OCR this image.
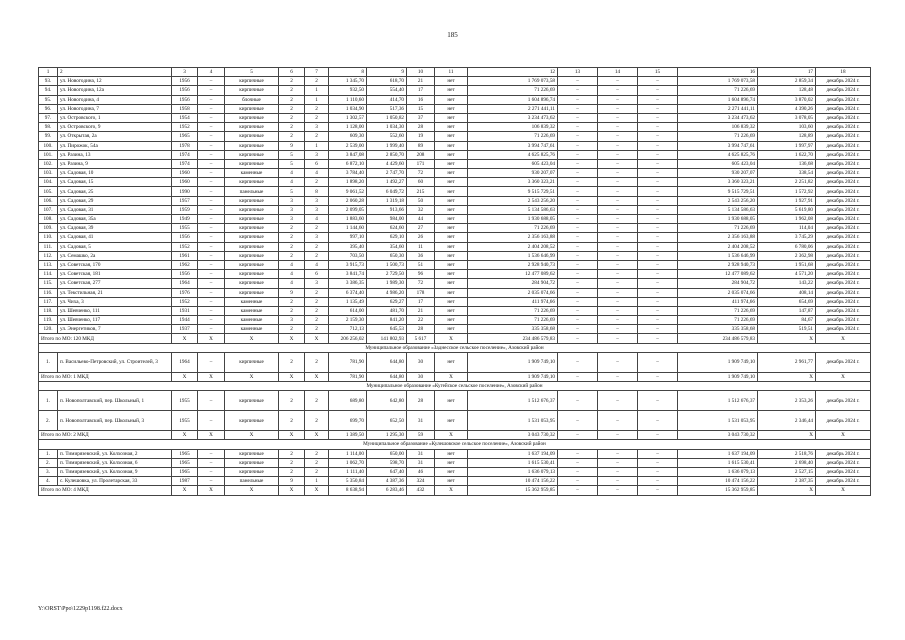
185
1	2	3	4	5	6	7	8	9	10	11	12	13	14	15	16	17	18
93.	ул. Новогодина, 12	1956	–	кирпичные	2	2	1 345,70	618,70	21	нет	1 769 073,58	–	–	–	1 769 073,58	2 859,34	декабрь 2024 г.
94.	ул. Новогодина, 12а	1956	–	кирпичные	2	1	932,50	554,40	17	нет	71 226,69	–	–	–	71 226,69	128,48	декабрь 2024 г.
95.	ул. Новогодина, 4	1956	–	блочные	2	1	1 110,60	414,70	16	нет	1 604 896,74	–	–	–	1 604 896,74	3 870,02	декабрь 2024 г.
96.	ул. Новогодина, 7	1958	–	кирпичные	2	2	1 034,90	517,36	15	нет	2 271 441,11	–	–	–	2 271 441,11	4 390,26	декабрь 2024 г.
97.	ул. Островского, 1	1954	–	кирпичные	2	2	1 302,57	1 050,82	37	нет	3 234 473,62	–	–	–	3 234 473,62	3 078,05	декабрь 2024 г.
98.	ул. Островского, 9	1952	–	кирпичные	2	3	1 128,00	1 034,30	28	нет	106 839,32	–	–	–	106 839,32	103,60	декабрь 2024 г.
99.	ул. Открытая, 2а	1965	–	кирпичные	2	2	609,30	552,60	19	нет	71 226,69	–	–	–	71 226,69	128,89	декабрь 2024 г.
100.	ул. Пирожок, 54а	1978	–	кирпичные	9	1	2 539,00	1 999,40	89	нет	3 994 747,61	–	–	–	3 994 747,61	1 997,97	декабрь 2024 г.
101.	ул. Разина, 13	1974	–	кирпичные	5	3	3 847,08	2 850,70	208	нет	4 625 825,76	–	–	–	4 625 825,76	1 622,70	декабрь 2024 г.
102.	ул. Разина, 9	1974	–	кирпичные	5	6	6 872,10	4 429,60	171	нет	605 423,04	–	–	–	605 423,04	136,68	декабрь 2024 г.
103.	ул. Садовая, 10	1960	–	каменные	4	4	3 784,40	2 747,70	72	нет	930 207,07	–	–	–	930 207,07	338,54	декабрь 2024 г.
104.	ул. Садовая, 15	1960	–	кирпичные	4	2	1 898,20	1 492,27	60	нет	3 360 323,21	–	–	–	3 360 323,21	2 251,82	декабрь 2024 г.
105.	ул. Садовая, 25	1990	–	панельные	5	8	9 061,52	6 049,72	215	нет	9 515 729,51	–	–	–	9 515 729,51	1 572,92	декабрь 2024 г.
106.	ул. Садовая, 29	1957	–	кирпичные	3	3	2 060,28	1 319,18	50	нет	2 543 256,20	–	–	–	2 543 256,20	1 927,91	декабрь 2024 г.
107.	ул. Садовая, 31	1959	–	кирпичные	3	3	2 099,05	913,66	32	нет	5 134 586,63	–	–	–	5 134 586,63	5 619,80	декабрь 2024 г.
108.	ул. Садовая, 35а	1949	–	кирпичные	3	4	1 883,60	984,00	44	нет	1 930 688,05	–	–	–	1 930 688,05	1 962,08	декабрь 2024 г.
109.	ул. Садовая, 39	1955	–	кирпичные	2	2	1 144,60	624,60	27	нет	71 226,69	–	–	–	71 226,69	114,04	декабрь 2024 г.
110.	ул. Садовая, 41	1956	–	кирпичные	2	3	997,10	629,10	26	нет	2 356 163,88	–	–	–	2 356 163,88	3 745,29	декабрь 2024 г.
111.	ул. Садовая, 5	1952	–	кирпичные	2	2	395,40	354,60	11	нет	2 404 208,52	–	–	–	2 404 208,52	6 780,06	декабрь 2024 г.
112.	ул. Семашко, 2а	1961	–	кирпичные	2	2	703,50	650,30	36	нет	1 536 646,99	–	–	–	1 536 646,99	2 362,98	декабрь 2024 г.
113.	ул. Советская, 170	1962	–	кирпичные	4	4	3 915,73	1 500,73	51	нет	2 928 940,73	–	–	–	2 928 940,73	1 951,68	декабрь 2024 г.
114.	ул. Советская, 181	1956	–	кирпичные	4	6	3 841,74	2 729,50	96	нет	12 477 089,62	–	–	–	12 477 089,62	4 571,20	декабрь 2024 г.
115.	ул. Советская, 277	1964	–	кирпичные	4	3	3 386,35	1 989,30	72	нет	284 904,72	–	–	–	284 904,72	143,22	декабрь 2024 г.
116.	ул. Текстильная, 21	1976	–	кирпичные	9	2	6 374,40	4 986,20	178	нет	2 035 074,66	–	–	–	2 035 074,66	408,14	декабрь 2024 г.
117.	ул. Чиха, 3	1952	–	каменные	2	2	1 135,49	629,27	17	нет	411 974,66	–	–	–	411 974,66	654,69	декабрь 2024 г.
118.	ул. Шевченко, 111	1931	–	каменные	2	2	614,00	481,70	21	нет	71 226,69	–	–	–	71 226,69	147,87	декабрь 2024 г.
119.	ул. Шевченко, 117	1944	–	каменные	3	2	2 159,30	841,20	22	нет	71 226,69	–	–	–	71 226,69	84,67	декабрь 2024 г.
120.	ул. Энергетиков, 7	1937	–	каменные	2	2	712,13	645,53	28	нет	335 358,68	–	–	–	335 358,68	519,51	декабрь 2024 г.
Итого по МО: 120 МКД		X	X	X	X	X	206 256,02	141 802,93	5 617	X	234 486 579,83	–	–	–	234 486 579,83	X	X
Муниципальное образование «Заднесское сельское поселение», Азовский район																	
1.	п. Васильево-Петровский, ул. Строителей, 3	1964	–	кирпичные	2	2	781,90	644,80	30	нет	1 909 749,10	–	–	–	1 909 749,10	2 961,77	декабрь 2024 г.
Итого по МО: 1 МКД		X	X	X	X	X	781,90	644,80	30	X	1 909 749,10	–	–	–	1 909 749,10	X	X
Муниципальное образование «Кугейское сельское поселение», Азовский район																	
1.	п. Новополтавский, пер. Школьный, 1	1955	–	кирпичные	2	2	689,80	642,80	28	нет	1 512 676,37	–	–	–	1 512 676,37	2 353,26	декабрь 2024 г.
2.	п. Новополтавский, пер. Школьный, 3	1955	–	кирпичные	2	2	699,70	652,50	31	нет	1 531 053,95	–	–	–	1 531 053,95	2 346,44	декабрь 2024 г.
Итого по МО: 2 МКД		X	X	X	X	X	1 389,50	1 295,30	59	X	3 043 730,32	–	–	–	3 043 730,32	X	X
Муниципальное образование «Кулешовское сельское поселение», Азовский район																	
1.	п. Тимирязевский, ул. Колхозная, 2	1965	–	кирпичные	2	2	1 114,00	650,00	31	нет	1 637 194,09	–	–	–	1 637 194,09	2 518,76	декабрь 2024 г.
2.	п. Тимирязевский, ул. Колхозная, 6	1965	–	кирпичные	2	2	1 062,70	598,70	31	нет	1 615 530,41	–	–	–	1 615 530,41	2 698,40	декабрь 2024 г.
3.	п. Тимирязевский, ул. Колхозная, 9	1965	–	кирпичные	2	2	1 111,40	647,40	46	нет	1 636 079,13	–	–	–	1 636 079,13	2 527,15	декабрь 2024 г.
4.	с. Кулешовка, ул. Пролетарская, 33	1987	–	панельные	9	1	5 350,84	4 387,36	324	нет	10 474 156,22	–	–	–	10 474 156,22	2 387,35	декабрь 2024 г.
Итого по МО: 4 МКД		X	X	X	X	X	8 638,94	6 283,46	432	X	15 362 959,85	–	–	–	15 362 959,85	X	X
Y:\ORST\Ppo\1229p1198.f22.docx
